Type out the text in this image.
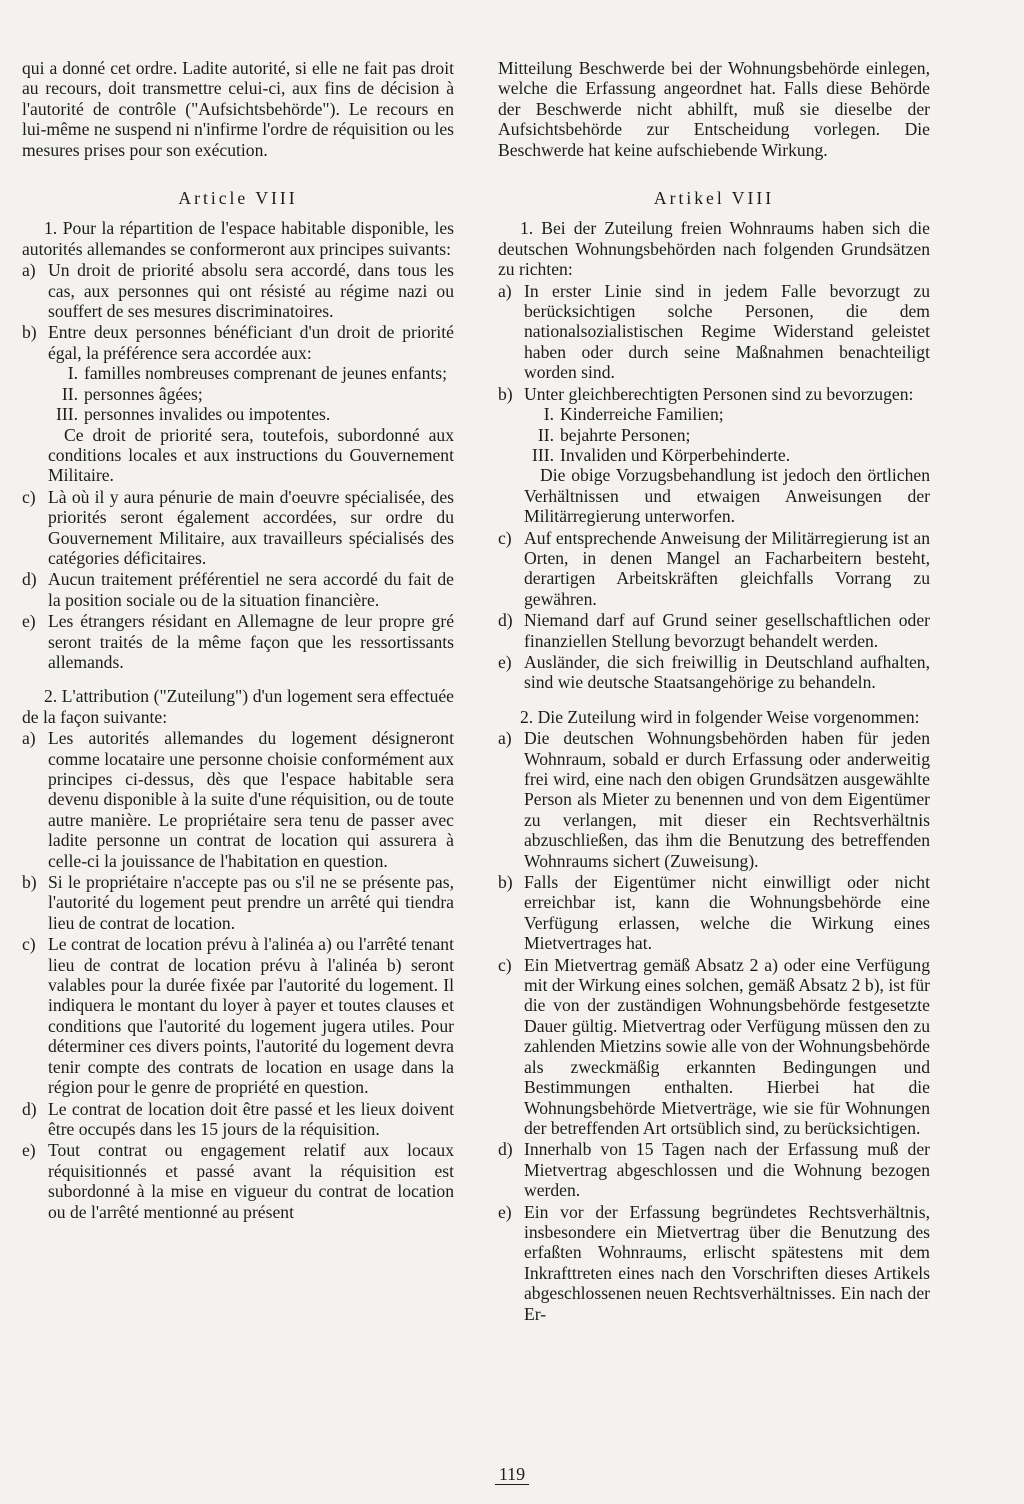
qui a donné cet ordre. Ladite autorité, si elle ne fait pas droit au recours, doit transmettre celui-ci, aux fins de décision à l'autorité de contrôle ("Aufsichtsbehörde"). Le recours en lui-même ne suspend ni n'infirme l'ordre de réquisition ou les mesures prises pour son exécution.

Article VIII

1. Pour la répartition de l'espace habitable disponible, les autorités allemandes se conformeront aux principes suivants:

a) Un droit de priorité absolu sera accordé, dans tous les cas, aux personnes qui ont résisté au régime nazi ou souffert de ses mesures discriminatoires.
b) Entre deux personnes bénéficiant d'un droit de priorité égal, la préférence sera accordée aux:
I. familles nombreuses comprenant de jeunes enfants;
II. personnes âgées;
III. personnes invalides ou impotentes.

Ce droit de priorité sera, toutefois, subordonné aux conditions locales et aux instructions du Gouvernement Militaire.

c) Là où il y aura pénurie de main d'oeuvre spécialisée, des priorités seront également accordées, sur ordre du Gouvernement Militaire, aux travailleurs spécialisés des catégories déficitaires.
d) Aucun traitement préférentiel ne sera accordé du fait de la position sociale ou de la situation financière.
e) Les étrangers résidant en Allemagne de leur propre gré seront traités de la même façon que les ressortissants allemands.

2. L'attribution ("Zuteilung") d'un logement sera effectuée de la façon suivante:

a) Les autorités allemandes du logement désigneront comme locataire une personne choisie conformément aux principes ci-dessus, dès que l'espace habitable sera devenu disponible à la suite d'une réquisition, ou de toute autre manière. Le propriétaire sera tenu de passer avec ladite personne un contrat de location qui assurera à celle-ci la jouissance de l'habitation en question.
b) Si le propriétaire n'accepte pas ou s'il ne se présente pas, l'autorité du logement peut prendre un arrêté qui tiendra lieu de contrat de location.
c) Le contrat de location prévu à l'alinéa a) ou l'arrêté tenant lieu de contrat de location prévu à l'alinéa b) seront valables pour la durée fixée par l'autorité du logement. Il indiquera le montant du loyer à payer et toutes clauses et conditions que l'autorité du logement jugera utiles. Pour déterminer ces divers points, l'autorité du logement devra tenir compte des contrats de location en usage dans la région pour le genre de propriété en question.
d) Le contrat de location doit être passé et les lieux doivent être occupés dans les 15 jours de la réquisition.
e) Tout contrat ou engagement relatif aux locaux réquisitionnés et passé avant la réquisition est subordonné à la mise en vigueur du contrat de location ou de l'arrêté mentionné au présent

Mitteilung Beschwerde bei der Wohnungsbehörde einlegen, welche die Erfassung angeordnet hat. Falls diese Behörde der Beschwerde nicht abhilft, muß sie dieselbe der Aufsichtsbehörde zur Entscheidung vorlegen. Die Beschwerde hat keine aufschiebende Wirkung.

Artikel VIII

1. Bei der Zuteilung freien Wohnraums haben sich die deutschen Wohnungsbehörden nach folgenden Grundsätzen zu richten:

a) In erster Linie sind in jedem Falle bevorzugt zu berücksichtigen solche Personen, die dem nationalsozialistischen Regime Widerstand geleistet haben oder durch seine Maßnahmen benachteiligt worden sind.
b) Unter gleichberechtigten Personen sind zu bevorzugen:
I. Kinderreiche Familien;
II. bejahrte Personen;
III. Invaliden und Körperbehinderte.

Die obige Vorzugsbehandlung ist jedoch den örtlichen Verhältnissen und etwaigen Anweisungen der Militärregierung unterworfen.

c) Auf entsprechende Anweisung der Militärregierung ist an Orten, in denen Mangel an Facharbeitern besteht, derartigen Arbeitskräften gleichfalls Vorrang zu gewähren.
d) Niemand darf auf Grund seiner gesellschaftlichen oder finanziellen Stellung bevorzugt behandelt werden.
e) Ausländer, die sich freiwillig in Deutschland aufhalten, sind wie deutsche Staatsangehörige zu behandeln.

2. Die Zuteilung wird in folgender Weise vorgenommen:

a) Die deutschen Wohnungsbehörden haben für jeden Wohnraum, sobald er durch Erfassung oder anderweitig frei wird, eine nach den obigen Grundsätzen ausgewählte Person als Mieter zu benennen und von dem Eigentümer zu verlangen, mit dieser ein Rechtsverhältnis abzuschließen, das ihm die Benutzung des betreffenden Wohnraums sichert (Zuweisung).
b) Falls der Eigentümer nicht einwilligt oder nicht erreichbar ist, kann die Wohnungsbehörde eine Verfügung erlassen, welche die Wirkung eines Mietvertrages hat.
c) Ein Mietvertrag gemäß Absatz 2 a) oder eine Verfügung mit der Wirkung eines solchen, gemäß Absatz 2 b), ist für die von der zuständigen Wohnungsbehörde festgesetzte Dauer gültig. Mietvertrag oder Verfügung müssen den zu zahlenden Mietzins sowie alle von der Wohnungsbehörde als zweckmäßig erkannten Bedingungen und Bestimmungen enthalten. Hierbei hat die Wohnungsbehörde Mietverträge, wie sie für Wohnungen der betreffenden Art ortsüblich sind, zu berücksichtigen.
d) Innerhalb von 15 Tagen nach der Erfassung muß der Mietvertrag abgeschlossen und die Wohnung bezogen werden.
e) Ein vor der Erfassung begründetes Rechtsverhältnis, insbesondere ein Mietvertrag über die Benutzung des erfaßten Wohnraums, erlischt spätestens mit dem Inkrafttreten eines nach den Vorschriften dieses Artikels abgeschlossenen neuen Rechtsverhältnisses. Ein nach der Er-
119
